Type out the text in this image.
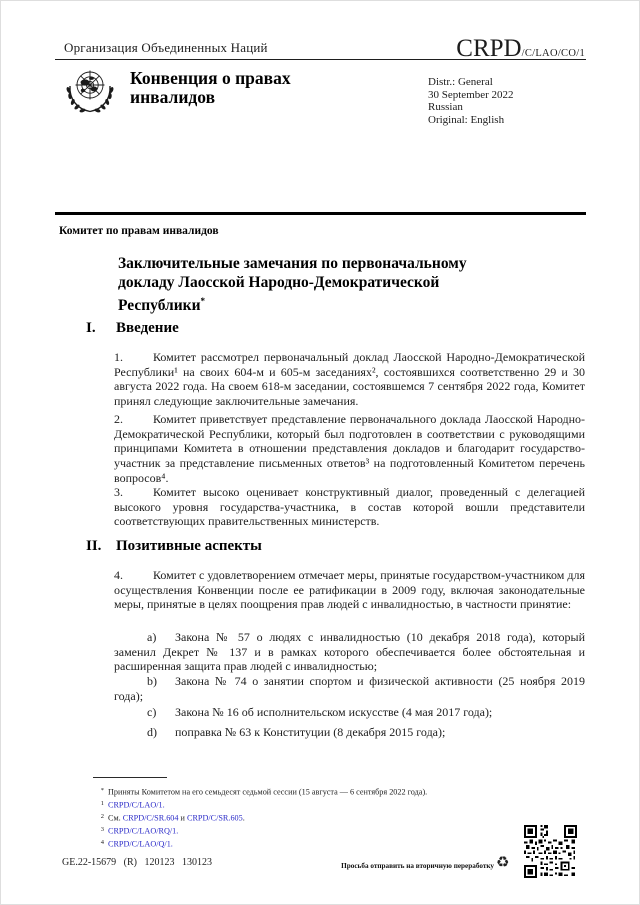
Организация Объединенных Наций	CRPD/C/LAO/CO/1
Конвенция о правах инвалидов
Distr.: General
30 September 2022
Russian
Original: English
Комитет по правам инвалидов
Заключительные замечания по первоначальному докладу Лаосской Народно-Демократической Республики*
I. Введение
1.	Комитет рассмотрел первоначальный доклад Лаосской Народно-Демократической Республики¹ на своих 604-м и 605-м заседаниях², состоявшихся соответственно 29 и 30 августа 2022 года. На своем 618-м заседании, состоявшемся 7 сентября 2022 года, Комитет принял следующие заключительные замечания.
2.	Комитет приветствует представление первоначального доклада Лаосской Народно-Демократической Республики, который был подготовлен в соответствии с руководящими принципами Комитета в отношении представления докладов и благодарит государство-участник за представление письменных ответов³ на подготовленный Комитетом перечень вопросов⁴.
3.	Комитет высоко оценивает конструктивный диалог, проведенный с делегацией высокого уровня государства-участника, в состав которой вошли представители соответствующих правительственных министерств.
II. Позитивные аспекты
4.	Комитет с удовлетворением отмечает меры, принятые государством-участником для осуществления Конвенции после ее ратификации в 2009 году, включая законодательные меры, принятые в целях поощрения прав людей с инвалидностью, в частности принятие:
a) Закона № 57 о людях с инвалидностью (10 декабря 2018 года), который заменил Декрет № 137 и в рамках которого обеспечивается более обстоятельная и расширенная защита прав людей с инвалидностью;
b) Закона № 74 о занятии спортом и физической активности (25 ноября 2019 года);
c) Закона № 16 об исполнительском искусстве (4 мая 2017 года);
d) поправка № 63 к Конституции (8 декабря 2015 года);
* Приняты Комитетом на его семьдесят седьмой сессии (15 августа — 6 сентября 2022 года).
1 CRPD/C/LAO/1.
2 См. CRPD/C/SR.604 и CRPD/C/SR.605.
3 CRPD/C/LAO/RQ/1.
4 CRPD/C/LAO/Q/1.
GE.22-15679 (R) 120123 130123	Просьба отправить на вторичную переработку ♻
